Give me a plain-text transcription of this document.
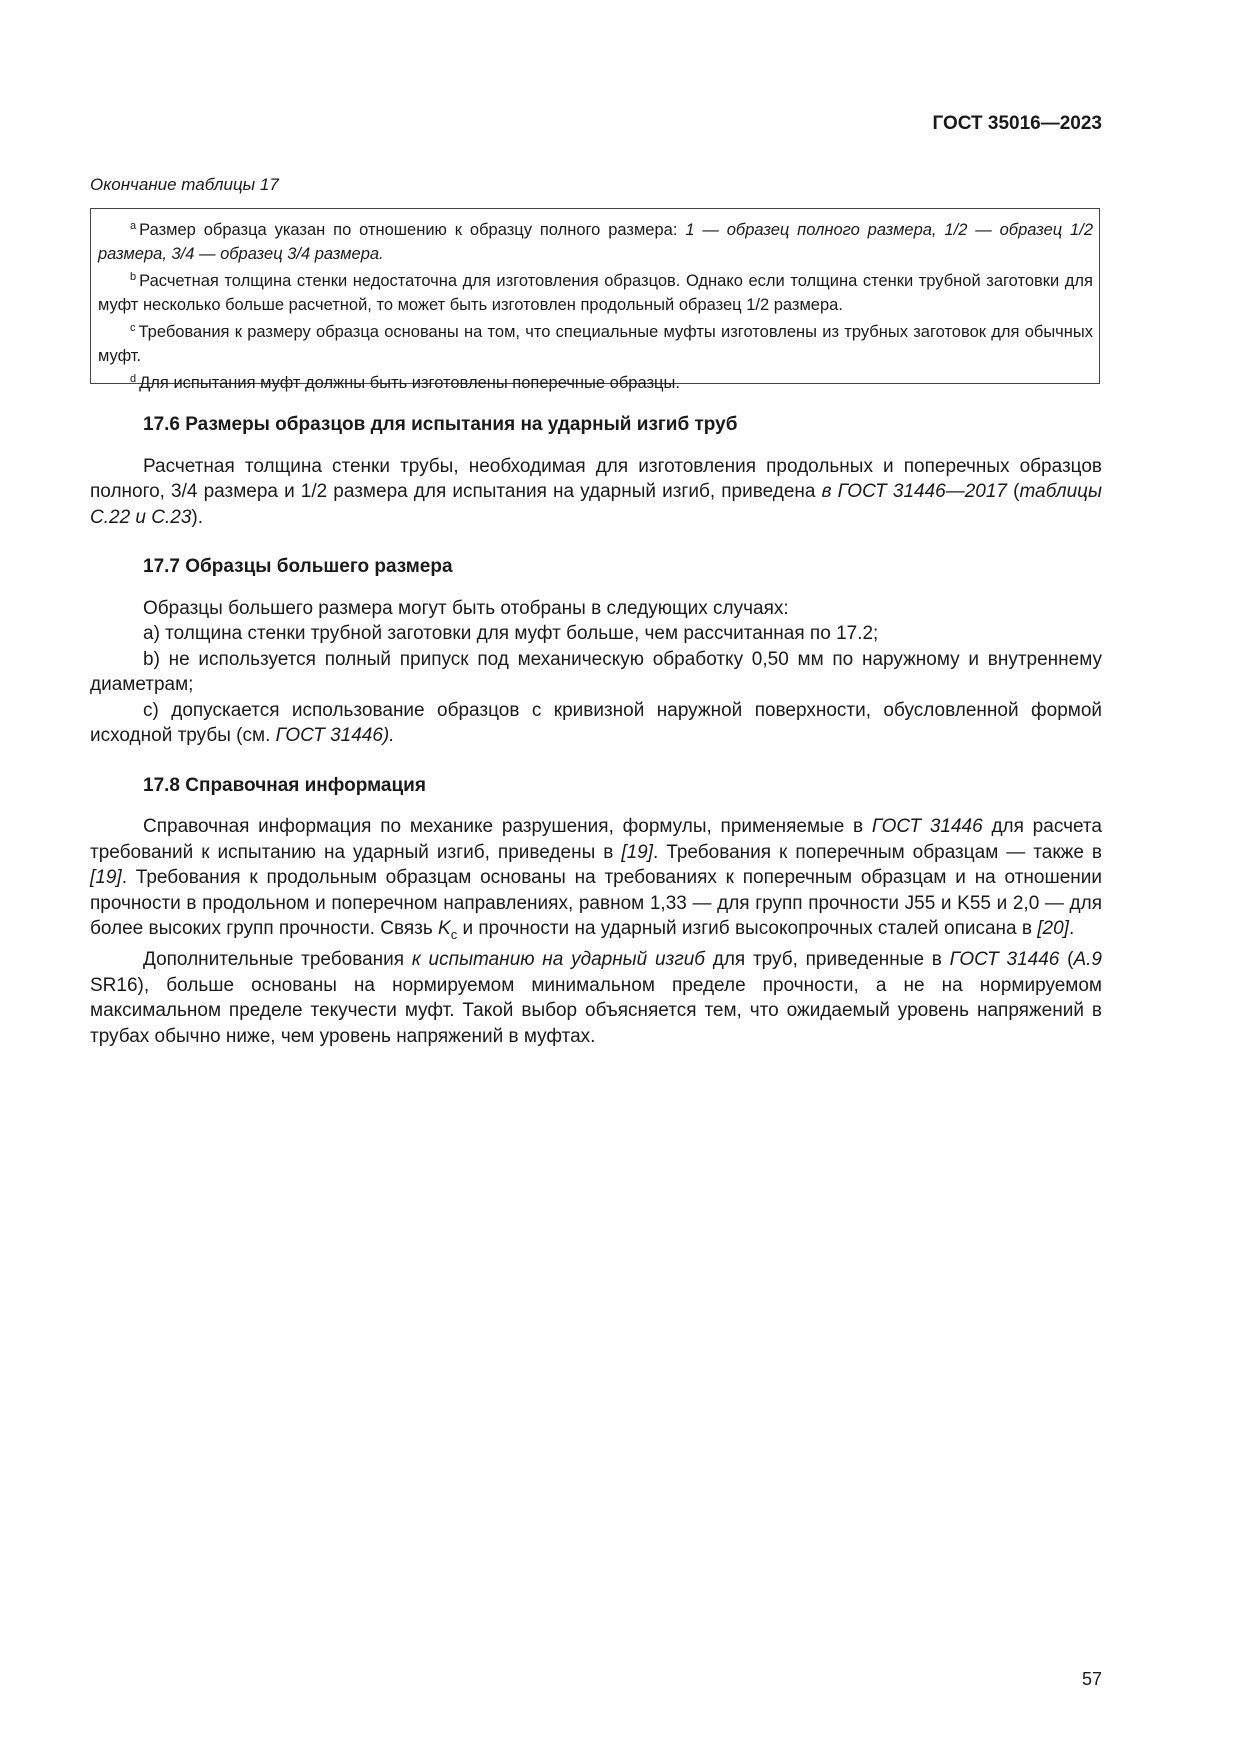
ГОСТ 35016—2023
Окончание таблицы 17

$^a$ Размер образца указан по отношению к образцу полного размера: 1 — образец полного размера, 1/2 — образец 1/2 размера, 3/4 — образец 3/4 размера.

$^b$ Расчетная толщина стенки недостаточна для изготовления образцов. Однако если толщина стенки трубной заготовки для муфт несколько больше расчетной, то может быть изготовлен продольный образец 1/2 размера.

$^c$ Требования к размеру образца основаны на том, что специальные муфты изготовлены из трубных заготовок для обычных муфт.

$^d$ Для испытания муфт должны быть изготовлены поперечные образцы.

17.6 Размеры образцов для испытания на ударный изгиб труб

Расчетная толщина стенки трубы, необходимая для изготовления продольных и поперечных образцов полного, 3/4 размера и 1/2 размера для испытания на ударный изгиб, приведена в ГОСТ 31446—2017 (таблицы С.22 и С.23).

17.7 Образцы большего размера

Образцы большего размера могут быть отобраны в следующих случаях:

a) толщина стенки трубной заготовки для муфт больше, чем рассчитанная по 17.2;

b) не используется полный припуск под механическую обработку 0,50 мм по наружному и внутреннему диаметрам;

c) допускается использование образцов с кривизной наружной поверхности, обусловленной формой исходной трубы (см. ГОСТ 31446).

17.8 Справочная информация

Справочная информация по механике разрушения, формулы, применяемые в ГОСТ 31446 для расчета требований к испытанию на ударный изгиб, приведены в [19]. Требования к поперечным образцам — также в [19]. Требования к продольным образцам основаны на требованиях к поперечным образцам и на отношении прочности в продольном и поперечном направлениях, равном 1,33 — для групп прочности J55 и K55 и 2,0 — для более высоких групп прочности. Связь $K_c$ и прочности на ударный изгиб высокопрочных сталей описана в [20].

Дополнительные требования к испытанию на ударный изгиб для труб, приведенные в ГОСТ 31446 (A.9 SR16), больше основаны на нормируемом минимальном пределе прочности, а не на нормируемом максимальном пределе текучести муфт. Такой выбор объясняется тем, что ожидаемый уровень напряжений в трубах обычно ниже, чем уровень напряжений в муфтах.

57
